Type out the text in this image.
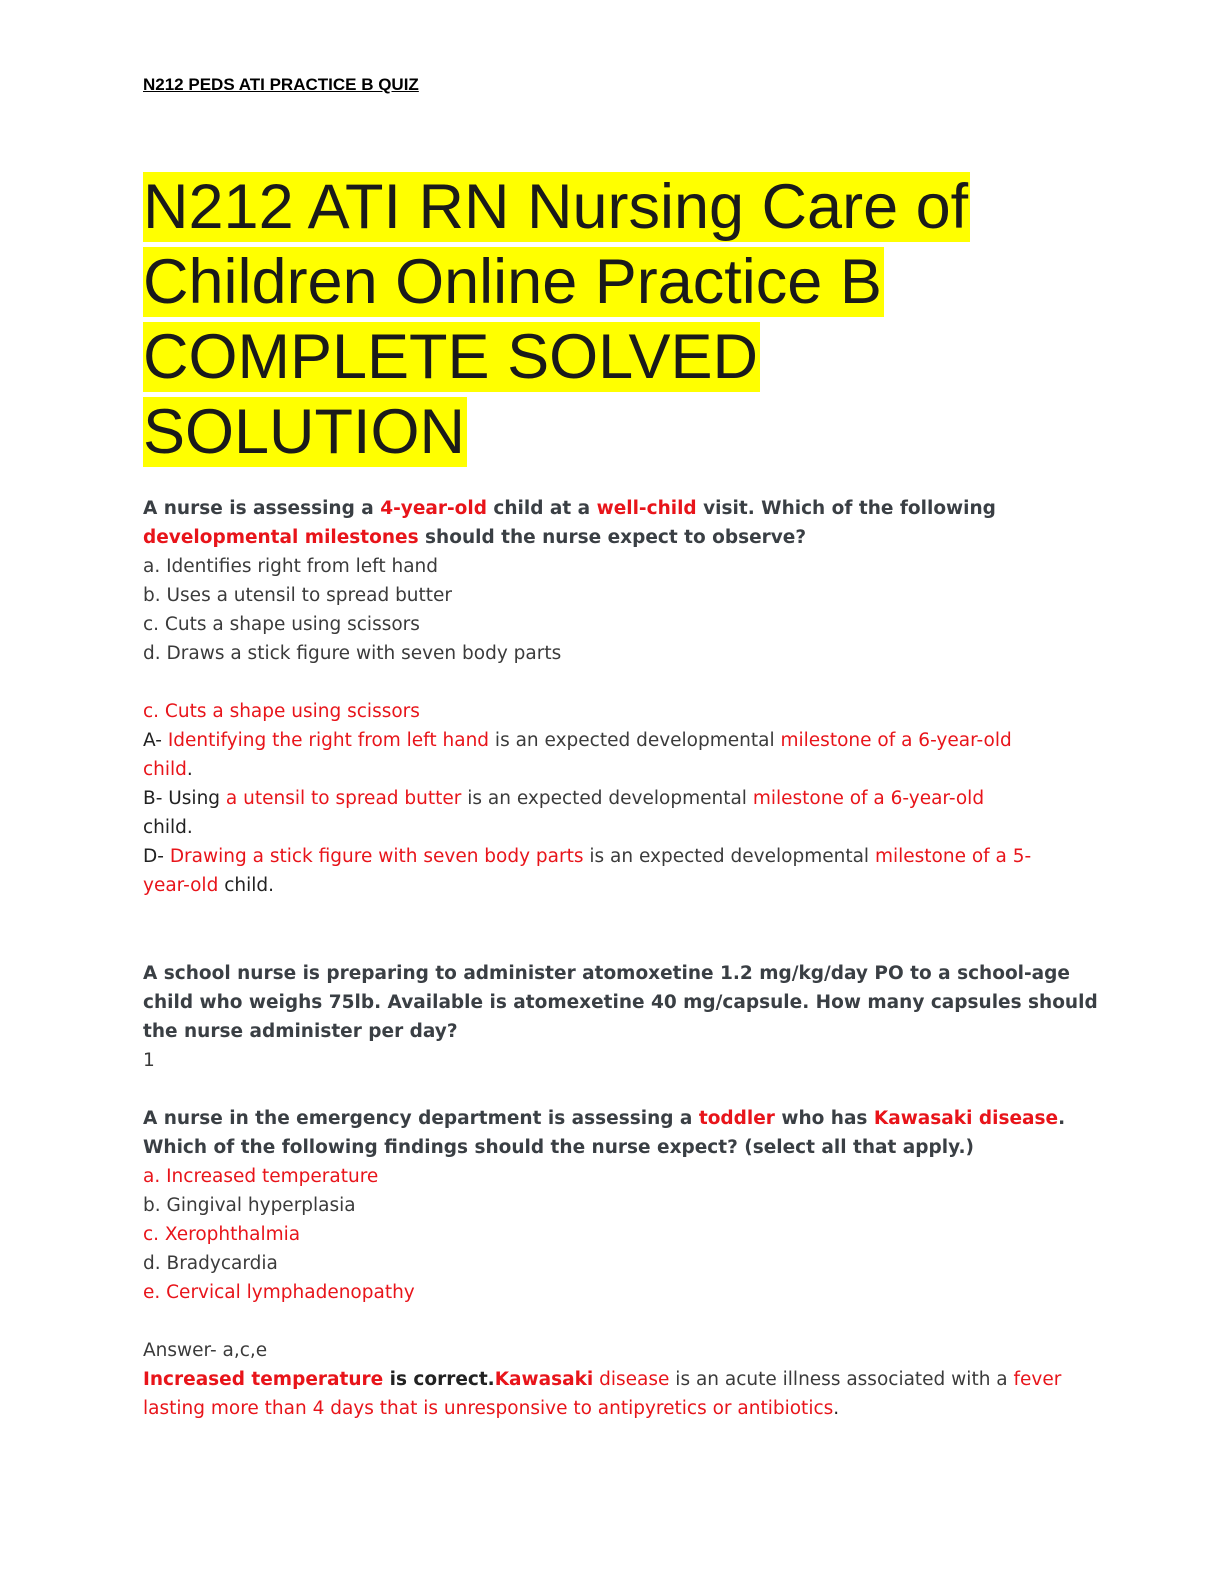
N212 PEDS ATI PRACTICE B QUIZ
N212 ATI RN Nursing Care of
Children Online Practice B
COMPLETE SOLVED
SOLUTION
A nurse is assessing a 4-year-old child at a well-child visit. Which of the following
developmental milestones should the nurse expect to observe?
a. Identifies right from left hand
b. Uses a utensil to spread butter
c. Cuts a shape using scissors
d. Draws a stick figure with seven body parts
c. Cuts a shape using scissors
A- Identifying the right from left hand is an expected developmental milestone of a 6-year-old
child.
B- Using a utensil to spread butter is an expected developmental milestone of a 6-year-old
child.
D- Drawing a stick figure with seven body parts is an expected developmental milestone of a 5-
year-old child.
A school nurse is preparing to administer atomoxetine 1.2 mg/kg/day PO to a school-age
child who weighs 75lb. Available is atomexetine 40 mg/capsule. How many capsules should
the nurse administer per day?
1
A nurse in the emergency department is assessing a toddler who has Kawasaki disease.
Which of the following findings should the nurse expect? (select all that apply.)
a. Increased temperature
b. Gingival hyperplasia
c. Xerophthalmia
d. Bradycardia
e. Cervical lymphadenopathy
Answer- a,c,e
Increased temperature is correct.Kawasaki disease is an acute illness associated with a fever
lasting more than 4 days that is unresponsive to antipyretics or antibiotics.
